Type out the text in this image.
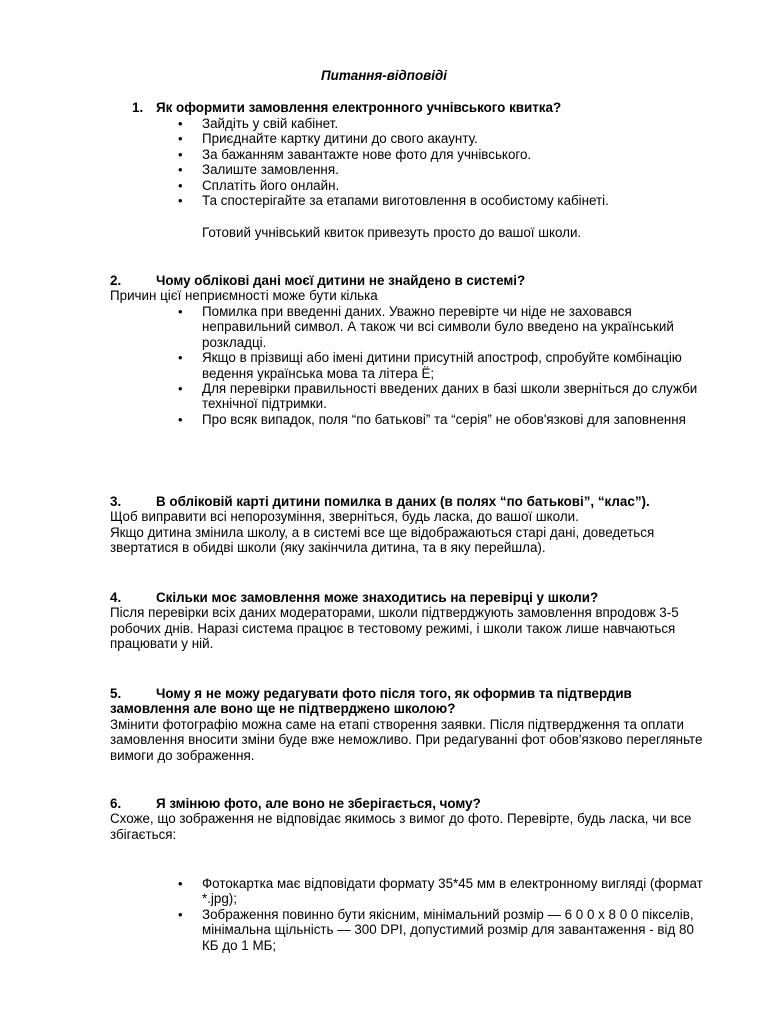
Питання-відповіді
1. Як оформити замовлення електронного учнівського квитка?
• Зайдіть у свій кабінет.
• Приєднайте картку дитини до свого акаунту.
• За бажанням завантажте нове фото для учнівського.
• Залиште замовлення.
• Сплатіть його онлайн.
• Та спостерігайте за етапами виготовлення в особистому кабінеті.
Готовий учнівський квиток привезуть просто до вашої школи.
2.	Чому облікові дані моєї дитини не знайдено в системі?

Причин цієї неприємності може бути кілька

• Помилка при введенні даних. Уважно перевірте чи ніде не заховався неправильний символ. А також чи всі символи було введено на український розкладці.
• Якщо в прізвищі або імені дитини присутній апостроф, спробуйте комбінацію ведення українська мова та літера Ё;
• Для перевірки правильності введених даних в базі школи зверніться до служби технічної підтримки.
• Про всяк випадок, поля “по батькові” та “серія” не обов'язкові для заповнення
3.	В обліковій карті дитини помилка в даних (в полях “по батькові”, “клас”).

Щоб виправити всі непорозуміння, зверніться, будь ласка, до вашої школи.

Якщо дитина змінила школу, а в системі все ще відображаються старі дані, доведеться звертатися в обидві школи (яку закінчила дитина, та в яку перейшла).

4.	Скільки моє замовлення може знаходитись на перевірці у школи?

Після перевірки всіх даних модераторами, школи підтверджують замовлення впродовж 3-5 робочих днів. Наразі система працює в тестовому режимі, і школи також лише навчаються працювати у ній.

5.	Чому я не можу редагувати фото після того, як оформив та підтвердив
замовлення але воно ще не підтверджено школою?

Змінити фотографію можна саме на етапі створення заявки. Після підтвердження та оплати замовлення вносити зміни буде вже неможливо. При редагуванні фот обов'язково перегляньте вимоги до зображення.

6.	Я змінюю фото, але воно не зберігається, чому?

Схоже, що зображення не відповідає якимось з вимог до фото. Перевірте, будь ласка, чи все збігається:

• Фотокартка має відповідати формату 35*45 мм в електронному вигляді (формат *.jpg);
• Зображення повинно бути якісним, мінімальний розмір — 6 0 0 x 8 0 0 пікселів, мінімальна щільність — 300 DPI, допустимий розмір для завантаження - від 80 КБ до 1 МБ;
